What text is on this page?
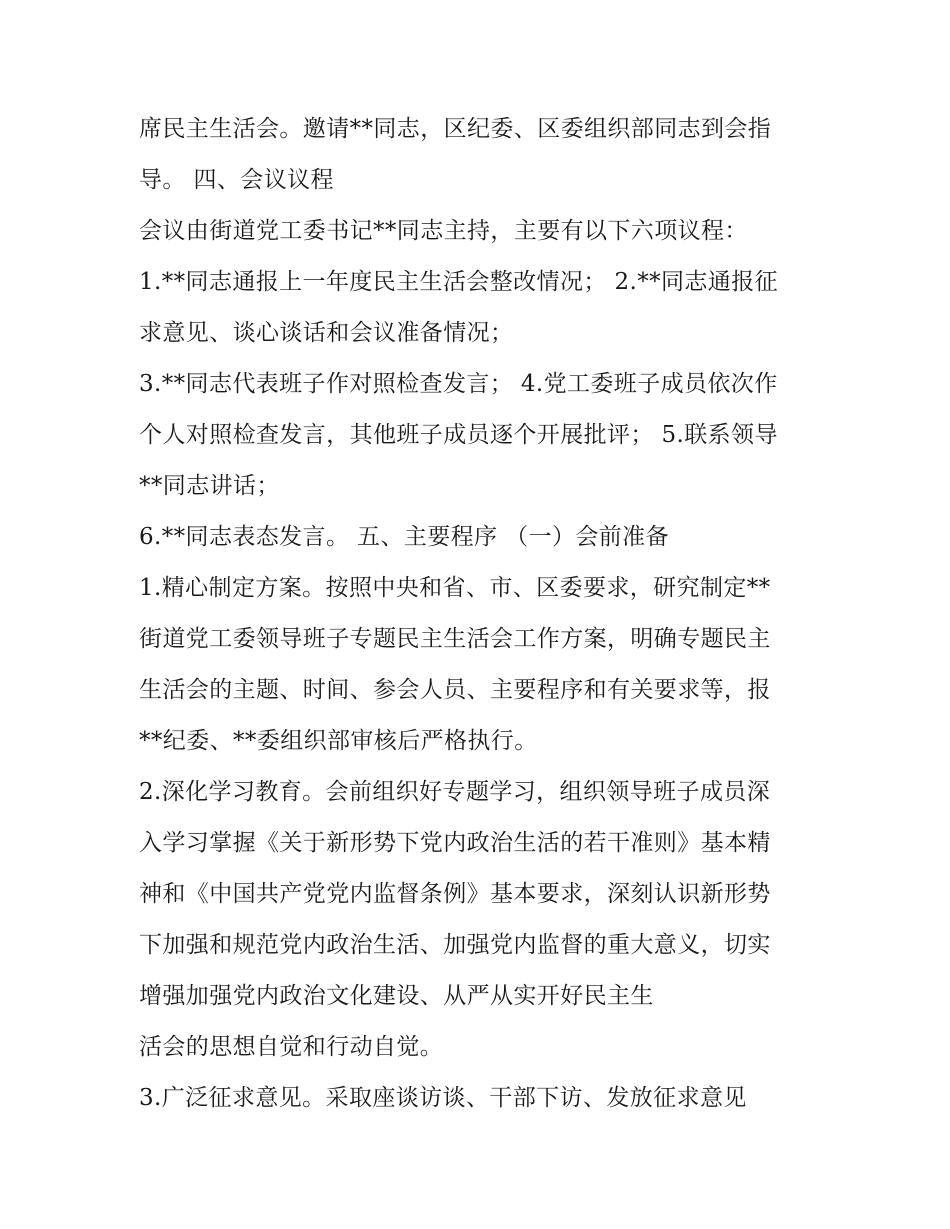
席民主生活会。邀请**同志，区纪委、区委组织部同志到会指
导。 四、会议议程
会议由街道党工委书记**同志主持，主要有以下六项议程：
1.**同志通报上一年度民主生活会整改情况； 2.**同志通报征
求意见、谈心谈话和会议准备情况；
3.**同志代表班子作对照检查发言； 4.党工委班子成员依次作
个人对照检查发言，其他班子成员逐个开展批评； 5.联系领导
**同志讲话；
6.**同志表态发言。 五、主要程序 （一）会前准备
1.精心制定方案。按照中央和省、市、区委要求，研究制定**
街道党工委领导班子专题民主生活会工作方案，明确专题民主
生活会的主题、时间、参会人员、主要程序和有关要求等，报
**纪委、**委组织部审核后严格执行。
2.深化学习教育。会前组织好专题学习，组织领导班子成员深
入学习掌握《关于新形势下党内政治生活的若干准则》基本精
神和《中国共产党党内监督条例》基本要求，深刻认识新形势
下加强和规范党内政治生活、加强党内监督的重大意义，切实
增强加强党内政治文化建设、从严从实开好民主生
活会的思想自觉和行动自觉。
3.广泛征求意见。采取座谈访谈、干部下访、发放征求意见
